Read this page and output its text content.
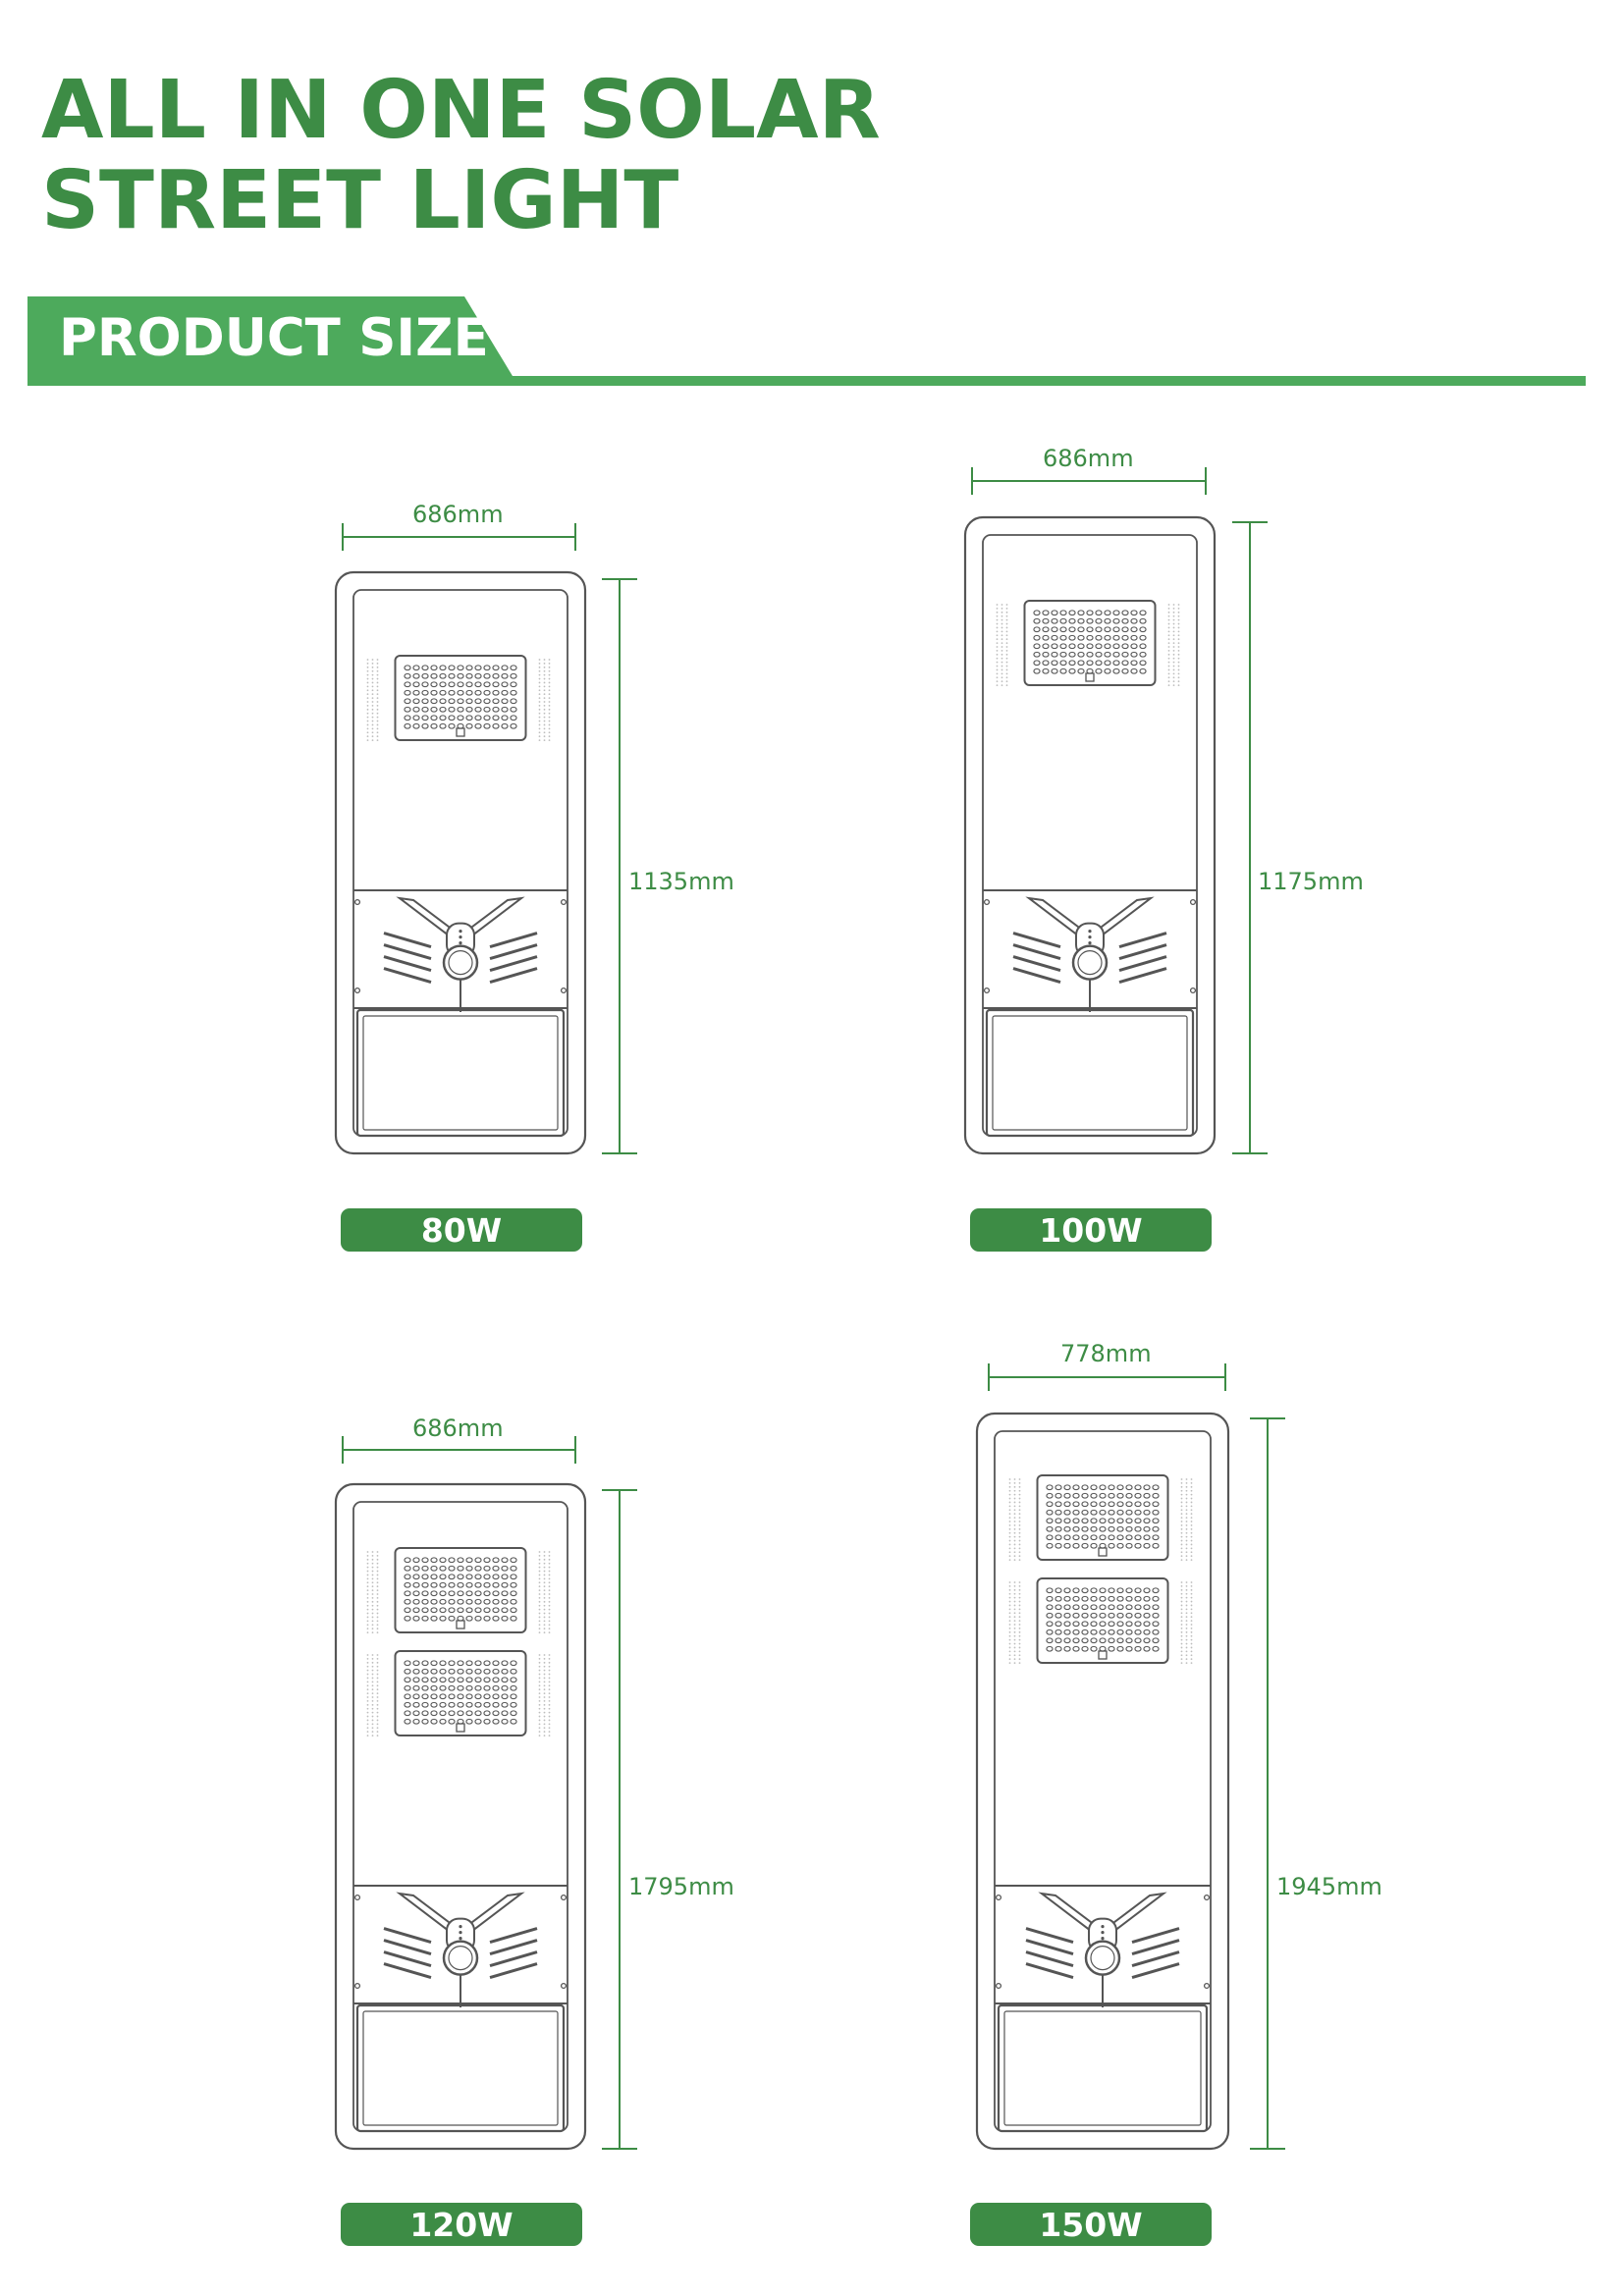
ALL IN ONE SOLAR
STREET LIGHT
PRODUCT SIZE
686mm
1135mm
80W
686mm
1175mm
100W
686mm
1795mm
120W
778mm
1945mm
150W
